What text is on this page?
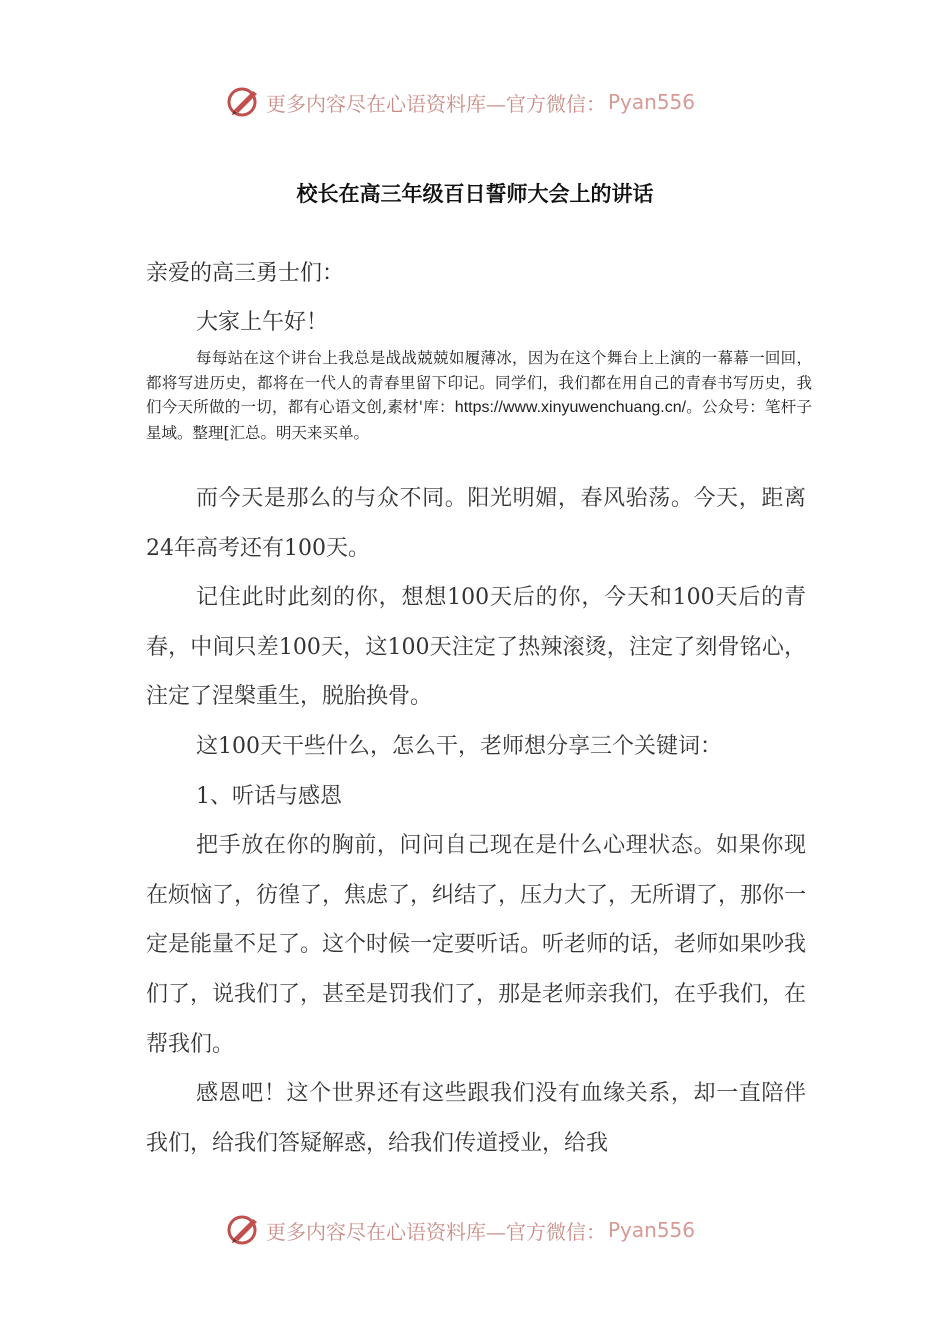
更多内容尽在心语资料库—官方微信： Pyan556
校长在高三年级百日誓师大会上的讲话
亲爱的高三勇士们：
大家上午好！
每每站在这个讲台上我总是战战兢兢如履薄冰，因为在这个舞台上上演的一幕幕一回回，都将写进历史，都将在一代人的青春里留下印记。同学们，我们都在用自己的青春书写历史，我们今天所做的一切，都有心语文创,素材'库：https://www.xinyuwenchuang.cn/。公众号：笔杆子星域。整理[汇总。明天来买单。

而今天是那么的与众不同。阳光明媚，春风骀荡。今天，距离24年高考还有100天。

记住此时此刻的你，想想100天后的你，今天和100天后的青春，中间只差100天，这100天注定了热辣滚烫，注定了刻骨铭心，注定了涅槃重生，脱胎换骨。

这100天干些什么，怎么干，老师想分享三个关键词：

1、听话与感恩

把手放在你的胸前，问问自己现在是什么心理状态。如果你现在烦恼了，彷徨了，焦虑了，纠结了，压力大了，无所谓了，那你一定是能量不足了。这个时候一定要听话。听老师的话，老师如果吵我们了，说我们了，甚至是罚我们了，那是老师亲我们，在乎我们，在帮我们。

感恩吧！这个世界还有这些跟我们没有血缘关系，却一直陪伴我们，给我们答疑解惑，给我们传道授业，给我

更多内容尽在心语资料库—官方微信： Pyan556
